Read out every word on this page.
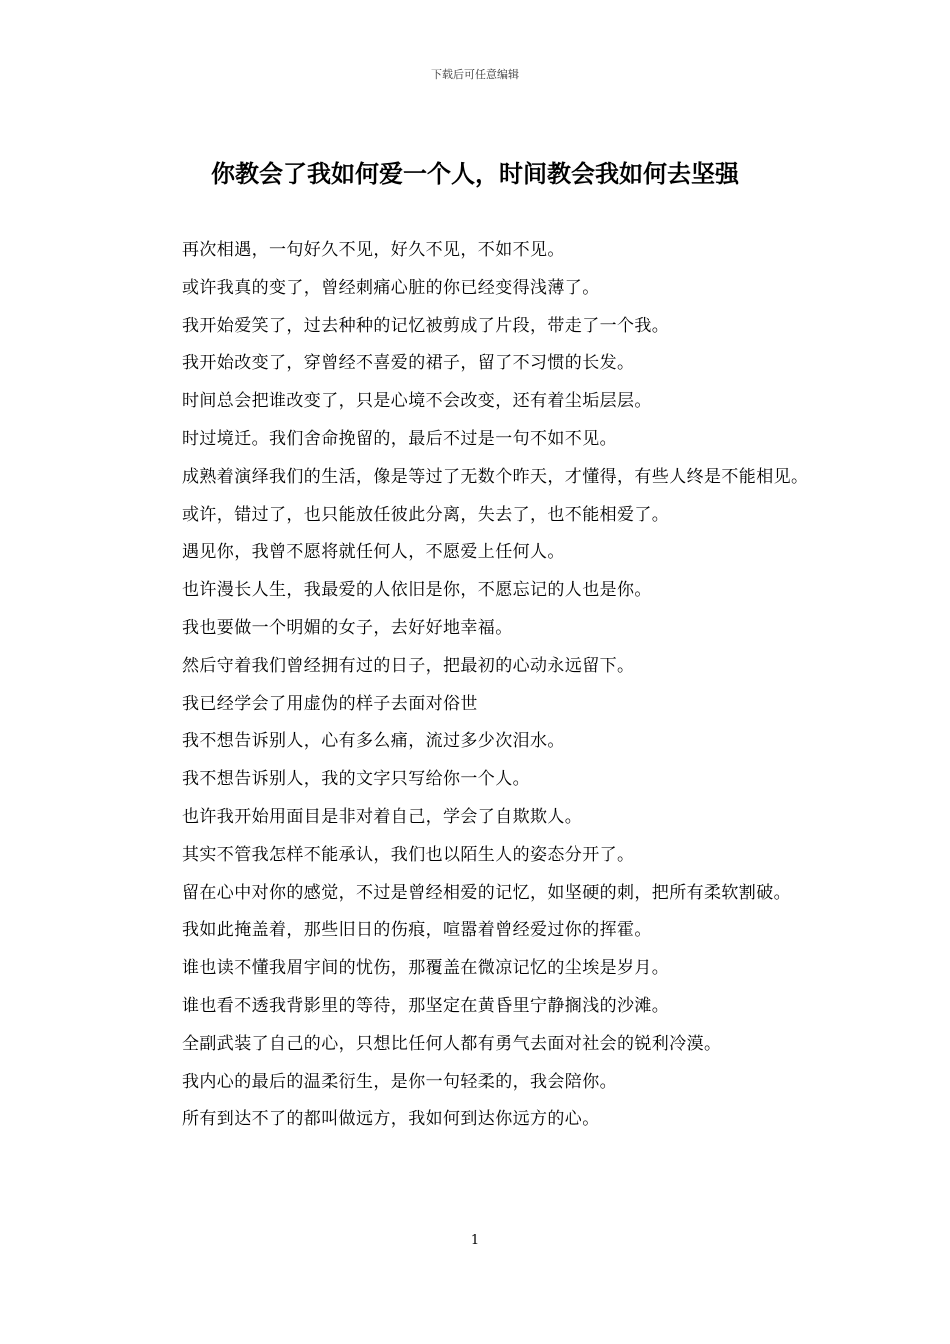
下载后可任意编辑
你教会了我如何爱一个人，时间教会我如何去坚强

再次相遇，一句好久不见，好久不见，不如不见。

或许我真的变了，曾经刺痛心脏的你已经变得浅薄了。

我开始爱笑了，过去种种的记忆被剪成了片段，带走了一个我。

我开始改变了，穿曾经不喜爱的裙子，留了不习惯的长发。

时间总会把谁改变了，只是心境不会改变，还有着尘垢层层。

时过境迁。我们舍命挽留的，最后不过是一句不如不见。

成熟着演绎我们的生活，像是等过了无数个昨天，才懂得，有些人终是不能相见。

或许，错过了，也只能放任彼此分离，失去了，也不能相爱了。

遇见你，我曾不愿将就任何人，不愿爱上任何人。

也许漫长人生，我最爱的人依旧是你，不愿忘记的人也是你。

我也要做一个明媚的女子，去好好地幸福。

然后守着我们曾经拥有过的日子，把最初的心动永远留下。

我已经学会了用虚伪的样子去面对俗世

我不想告诉别人，心有多么痛，流过多少次泪水。

我不想告诉别人，我的文字只写给你一个人。

也许我开始用面目是非对着自己，学会了自欺欺人。

其实不管我怎样不能承认，我们也以陌生人的姿态分开了。

留在心中对你的感觉，不过是曾经相爱的记忆，如坚硬的刺，把所有柔软割破。

我如此掩盖着，那些旧日的伤痕，喧嚣着曾经爱过你的挥霍。

谁也读不懂我眉宇间的忧伤，那覆盖在微凉记忆的尘埃是岁月。

谁也看不透我背影里的等待，那坚定在黄昏里宁静搁浅的沙滩。

全副武装了自己的心，只想比任何人都有勇气去面对社会的锐利冷漠。

我内心的最后的温柔衍生，是你一句轻柔的，我会陪你。

所有到达不了的都叫做远方，我如何到达你远方的心。

1
